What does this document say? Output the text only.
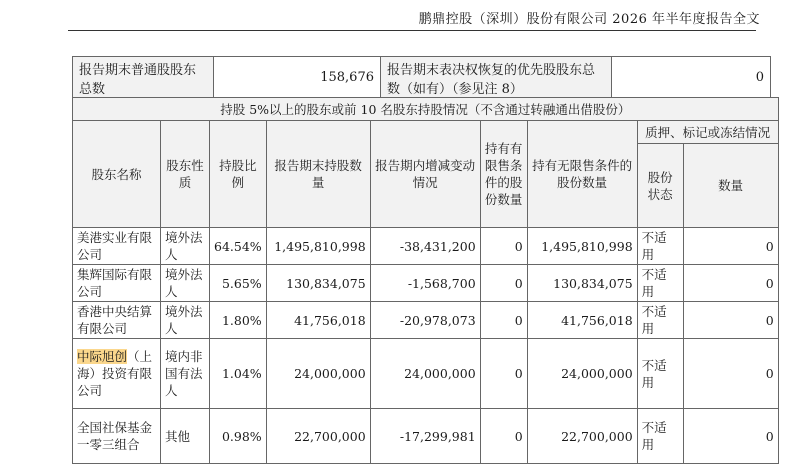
鹏鼎控股（深圳）股份有限公司 2026 年半年度报告全文
报告期末普通股股东总数	158,676	报告期末表决权恢复的优先股股东总数（如有）（参见注 8）	0
持股 5%以上的股东或前 10 名股东持股情况（不含通过转融通出借股份）								
股东名称	股东性质	持股比例	报告期末持股数量	报告期内增减变动情况	持有有限售条件的股份数量	持有无限售条件的股份数量	质押、标记或冻结情况	
							股份状态	数量
美港实业有限公司	境外法人	64.54%	1,495,810,998	-38,431,200	0	1,495,810,998	不适用	0
集辉国际有限公司	境外法人	5.65%	130,834,075	-1,568,700	0	130,834,075	不适用	0
香港中央结算有限公司	境外法人	1.80%	41,756,018	-20,978,073	0	41,756,018	不适用	0
中际旭创（上海）投资有限公司	境内非国有法人	1.04%	24,000,000	24,000,000	0	24,000,000	不适用	0
全国社保基金一零三组合	其他	0.98%	22,700,000	-17,299,981	0	22,700,000	不适用	0
